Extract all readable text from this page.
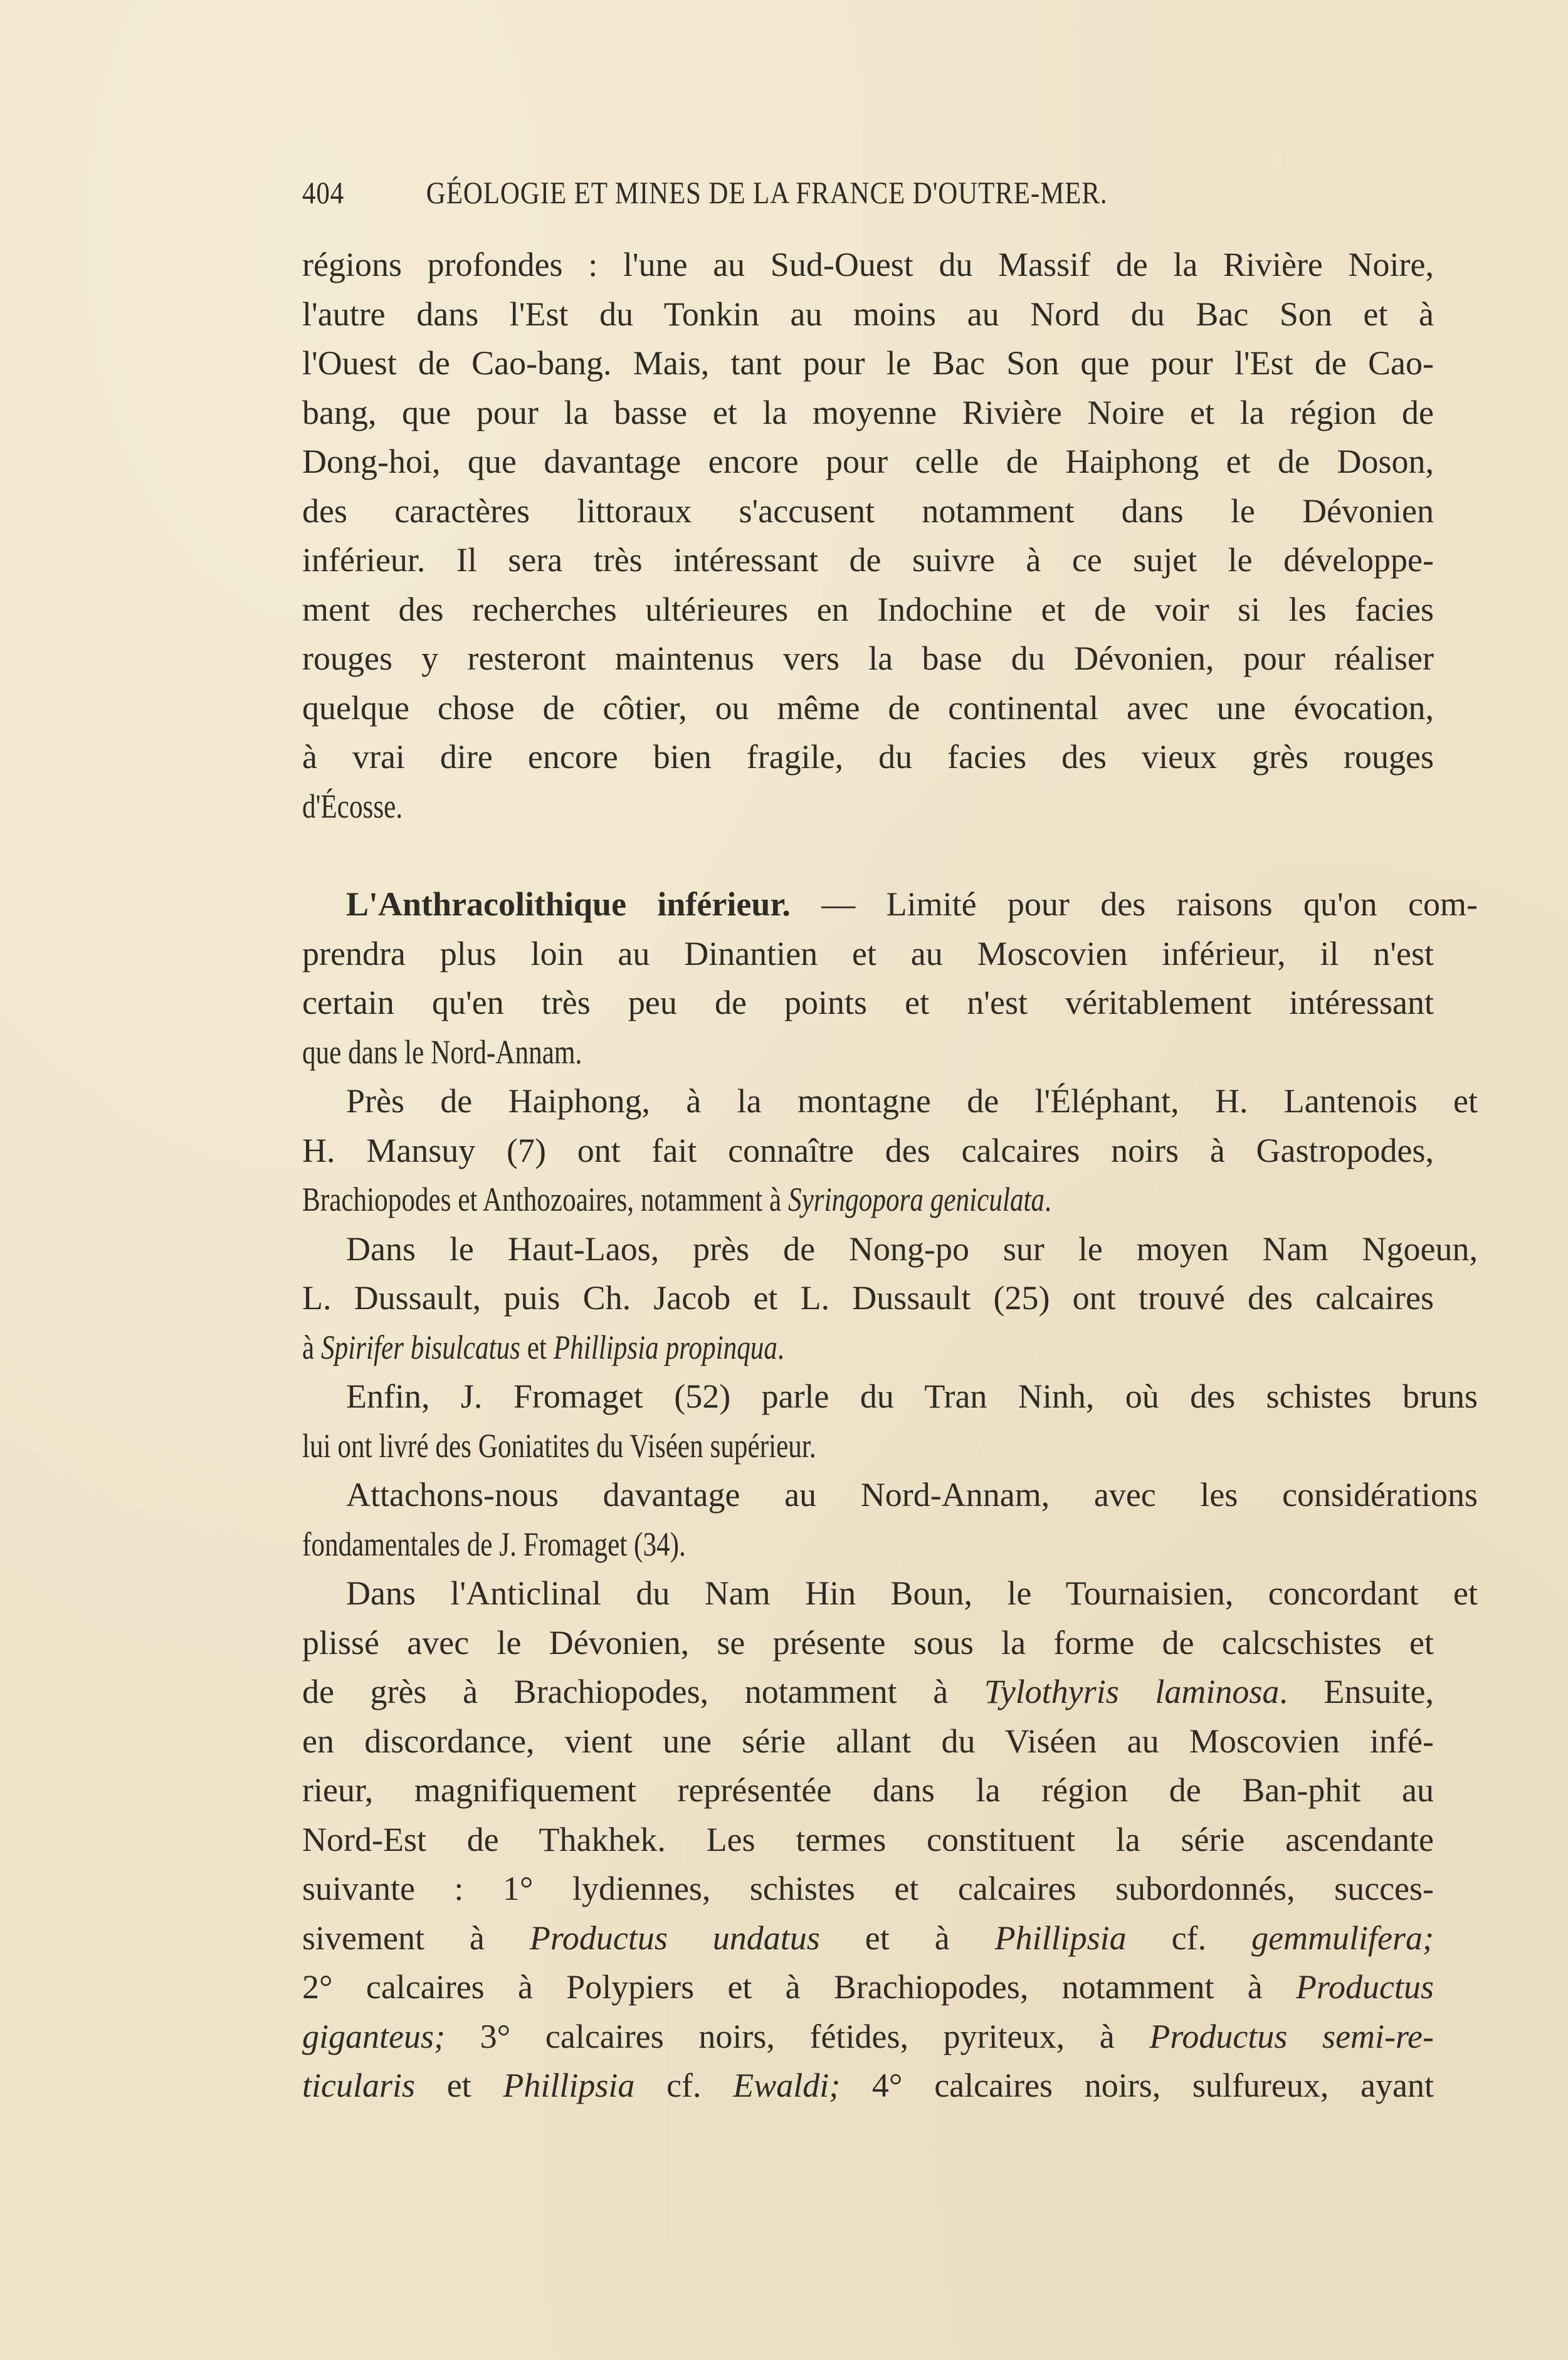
404	GÉOLOGIE ET MINES DE LA FRANCE D'OUTRE-MER.
régions profondes : l'une au Sud-Ouest du Massif de la Rivière Noire,
l'autre dans l'Est du Tonkin au moins au Nord du Bac Son et à
l'Ouest de Cao-bang. Mais, tant pour le Bac Son que pour l'Est de Cao-
bang, que pour la basse et la moyenne Rivière Noire et la région de
Dong-hoi, que davantage encore pour celle de Haiphong et de Doson,
des caractères littoraux s'accusent notamment dans le Dévonien
inférieur. Il sera très intéressant de suivre à ce sujet le développe-
ment des recherches ultérieures en Indochine et de voir si les facies
rouges y resteront maintenus vers la base du Dévonien, pour réaliser
quelque chose de côtier, ou même de continental avec une évocation,
à vrai dire encore bien fragile, du facies des vieux grès rouges
d'Écosse.
L'Anthracolithique inférieur. — Limité pour des raisons qu'on com-
prendra plus loin au Dinantien et au Moscovien inférieur, il n'est
certain qu'en très peu de points et n'est véritablement intéressant
que dans le Nord-Annam.
Près de Haiphong, à la montagne de l'Éléphant, H. Lantenois et
H. Mansuy (7) ont fait connaître des calcaires noirs à Gastropodes,
Brachiopodes et Anthozoaires, notamment à Syringopora geniculata.
Dans le Haut-Laos, près de Nong-po sur le moyen Nam Ngoeun,
L. Dussault, puis Ch. Jacob et L. Dussault (25) ont trouvé des calcaires
à Spirifer bisulcatus et Phillipsia propinqua.
Enfin, J. Fromaget (52) parle du Tran Ninh, où des schistes bruns
lui ont livré des Goniatites du Viséen supérieur.
Attachons-nous davantage au Nord-Annam, avec les considérations
fondamentales de J. Fromaget (34).
Dans l'Anticlinal du Nam Hin Boun, le Tournaisien, concordant et
plissé avec le Dévonien, se présente sous la forme de calcschistes et
de grès à Brachiopodes, notamment à Tylothyris laminosa. Ensuite,
en discordance, vient une série allant du Viséen au Moscovien infé-
rieur, magnifiquement représentée dans la région de Ban-phit au
Nord-Est de Thakhek. Les termes constituent la série ascendante
suivante : 1° lydiennes, schistes et calcaires subordonnés, succes-
sivement à Productus undatus et à Phillipsia cf. gemmulifera;
2° calcaires à Polypiers et à Brachiopodes, notamment à Productus
giganteus; 3° calcaires noirs, fétides, pyriteux, à Productus semi-re-
ticularis et Phillipsia cf. Ewaldi; 4° calcaires noirs, sulfureux, ayant
